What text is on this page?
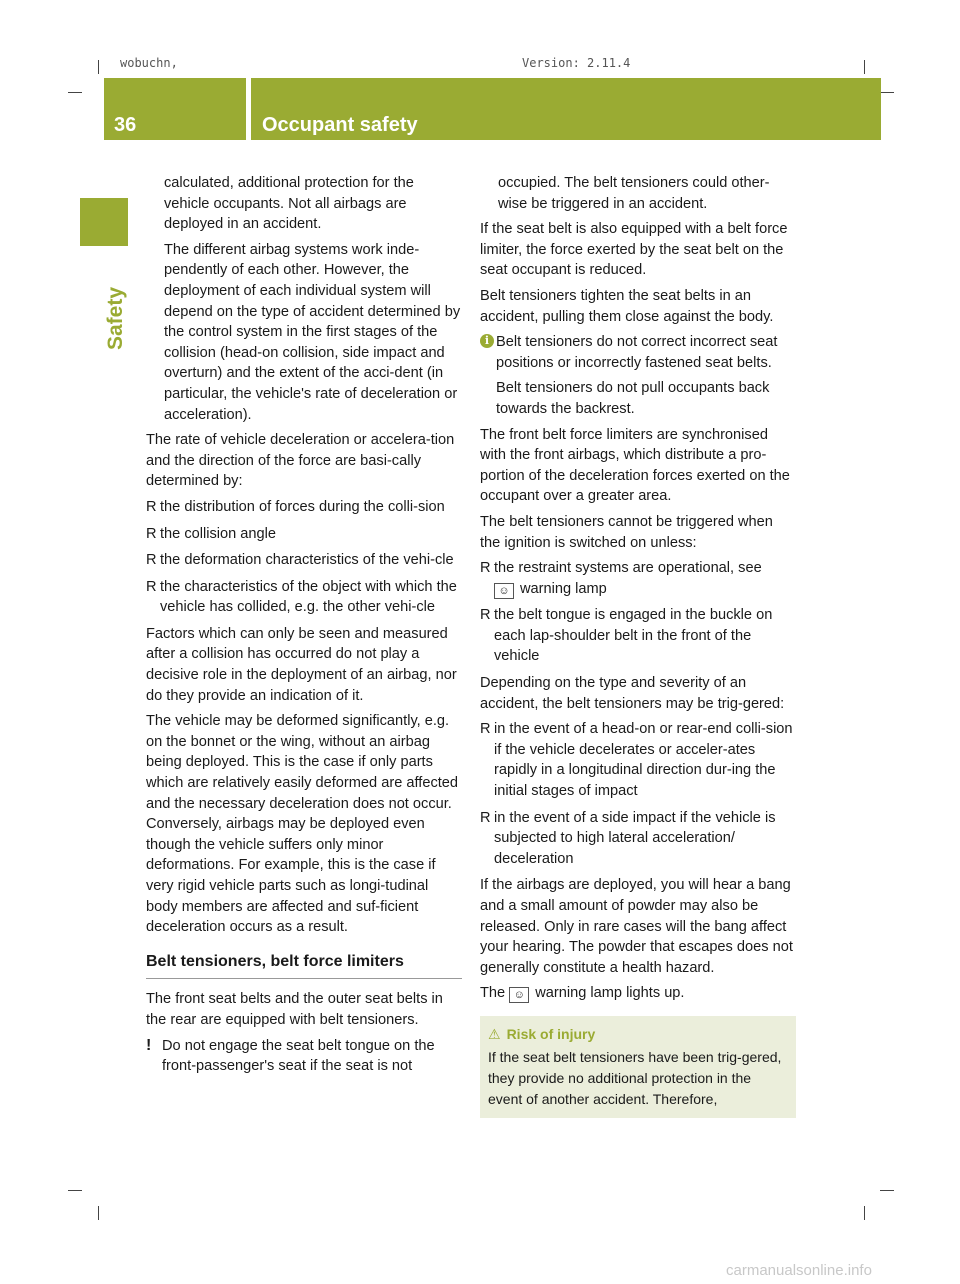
wobuchn,	Version: 2.11.4
36	Occupant safety
Safety

calculated, additional protection for the vehicle occupants. Not all airbags are deployed in an accident.

The different airbag systems work inde-pendently of each other. However, the deployment of each individual system will depend on the type of accident determined by the control system in the first stages of the collision (head-on collision, side impact and overturn) and the extent of the acci-dent (in particular, the vehicle's rate of deceleration or acceleration).

The rate of vehicle deceleration or accelera-tion and the direction of the force are basi-cally determined by:

R the distribution of forces during the colli-sion
R the collision angle
R the deformation characteristics of the vehi-cle
R the characteristics of the object with which the vehicle has collided, e.g. the other vehi-cle

Factors which can only be seen and measured after a collision has occurred do not play a decisive role in the deployment of an airbag, nor do they provide an indication of it.

The vehicle may be deformed significantly, e.g. on the bonnet or the wing, without an airbag being deployed. This is the case if only parts which are relatively easily deformed are affected and the necessary deceleration does not occur. Conversely, airbags may be deployed even though the vehicle suffers only minor deformations. For example, this is the case if very rigid vehicle parts such as longi-tudinal body members are affected and suf-ficient deceleration occurs as a result.

Belt tensioners, belt force limiters

The front seat belts and the outer seat belts in the rear are equipped with belt tensioners.

! Do not engage the seat belt tongue on the front-passenger's seat if the seat is not

occupied. The belt tensioners could other-wise be triggered in an accident.

If the seat belt is also equipped with a belt force limiter, the force exerted by the seat belt on the seat occupant is reduced.

Belt tensioners tighten the seat belts in an accident, pulling them close against the body.

i Belt tensioners do not correct incorrect seat positions or incorrectly fastened seat belts.

Belt tensioners do not pull occupants back towards the backrest.

The front belt force limiters are synchronised with the front airbags, which distribute a pro-portion of the deceleration forces exerted on the occupant over a greater area.

The belt tensioners cannot be triggered when the ignition is switched on unless:

R the restraint systems are operational, see
☺ warning lamp
R the belt tongue is engaged in the buckle on each lap-shoulder belt in the front of the vehicle

Depending on the type and severity of an accident, the belt tensioners may be trig-gered:

R in the event of a head-on or rear-end colli-sion if the vehicle decelerates or acceler-ates rapidly in a longitudinal direction dur-ing the initial stages of impact
R in the event of a side impact if the vehicle is subjected to high lateral acceleration/ deceleration

If the airbags are deployed, you will hear a bang and a small amount of powder may also be released. Only in rare cases will the bang affect your hearing. The powder that escapes does not generally constitute a health hazard.

The ☺ warning lamp lights up.

⚠ Risk of injury
If the seat belt tensioners have been trig-gered, they provide no additional protection in the event of another accident. Therefore,
carmanualsonline.info
